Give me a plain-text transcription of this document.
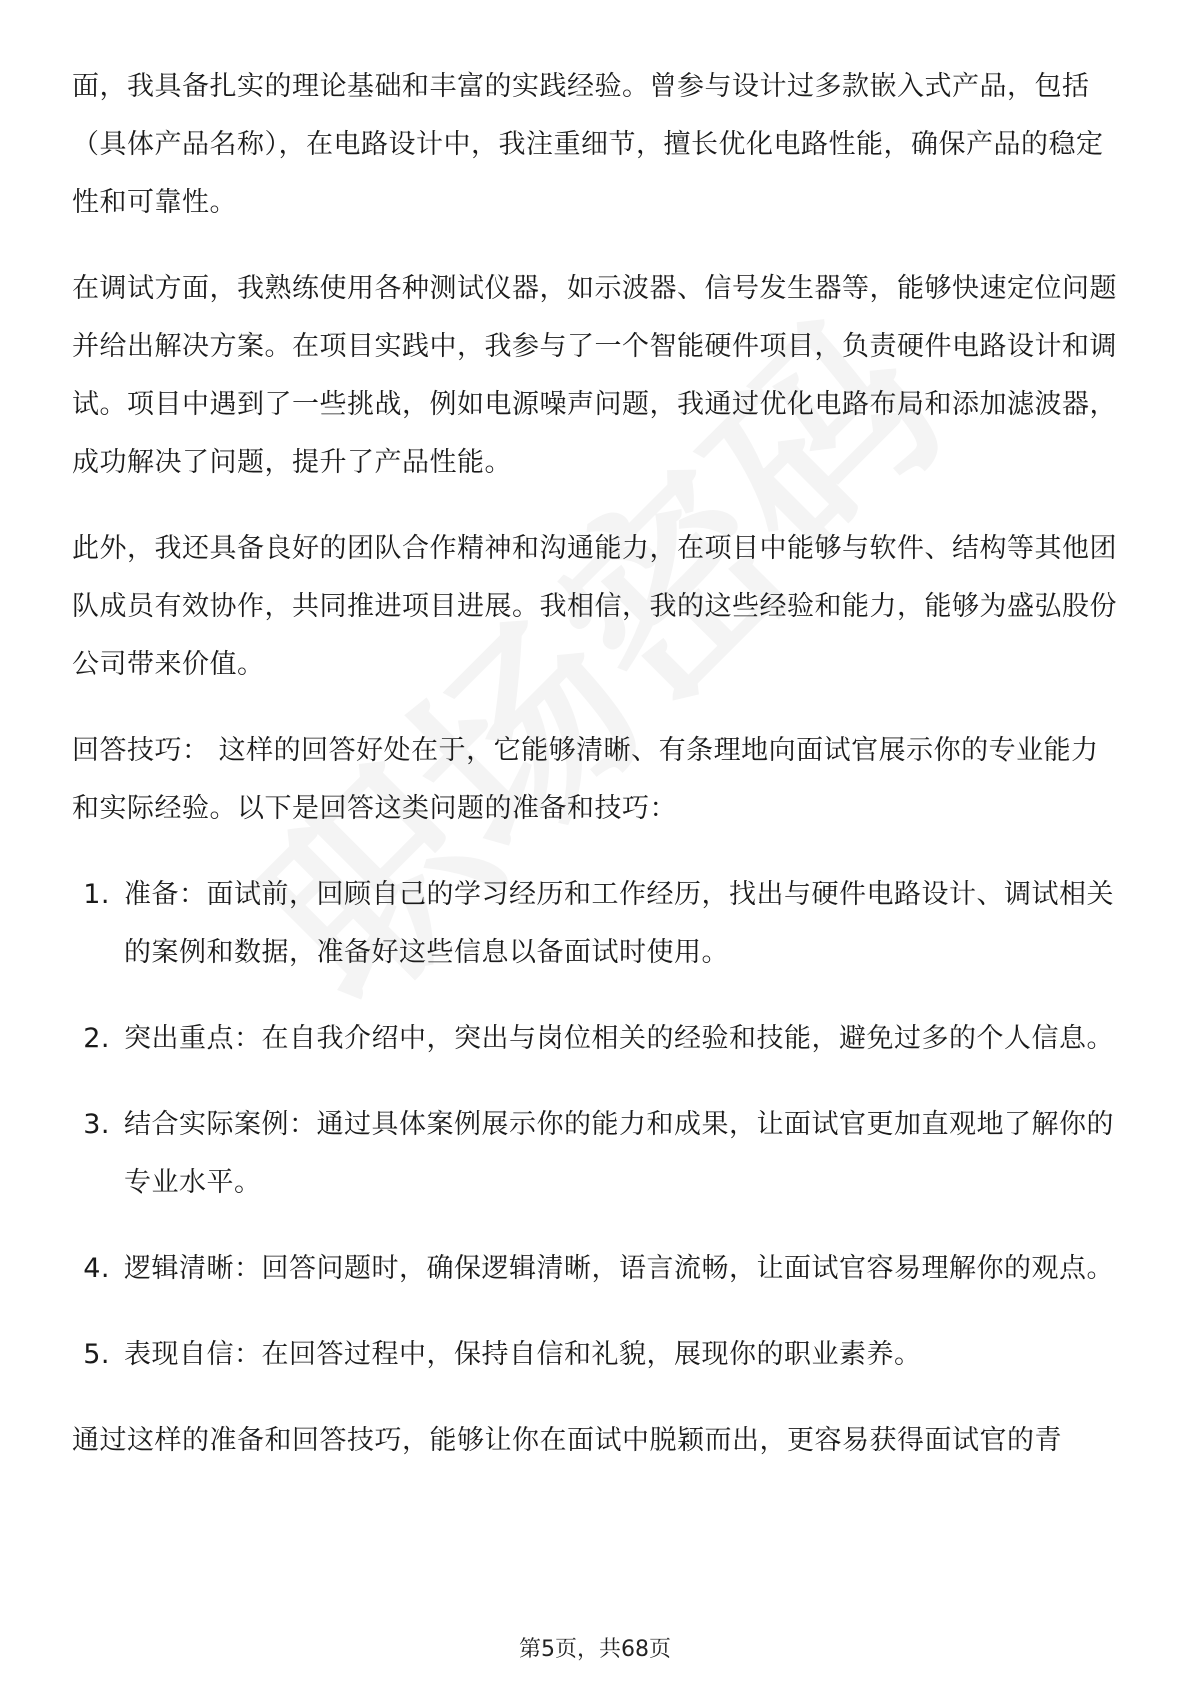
面，我具备扎实的理论基础和丰富的实践经验。曾参与设计过多款嵌入式产品，包括（具体产品名称），在电路设计中，我注重细节，擅长优化电路性能，确保产品的稳定性和可靠性。

在调试方面，我熟练使用各种测试仪器，如示波器、信号发生器等，能够快速定位问题并给出解决方案。在项目实践中，我参与了一个智能硬件项目，负责硬件电路设计和调试。项目中遇到了一些挑战，例如电源噪声问题，我通过优化电路布局和添加滤波器，成功解决了问题，提升了产品性能。

此外，我还具备良好的团队合作精神和沟通能力，在项目中能够与软件、结构等其他团队成员有效协作，共同推进项目进展。我相信，我的这些经验和能力，能够为盛弘股份公司带来价值。

回答技巧： 这样的回答好处在于，它能够清晰、有条理地向面试官展示你的专业能力和实际经验。以下是回答这类问题的准备和技巧：

1. 准备：面试前，回顾自己的学习经历和工作经历，找出与硬件电路设计、调试相关的案例和数据，准备好这些信息以备面试时使用。
2. 突出重点：在自我介绍中，突出与岗位相关的经验和技能，避免过多的个人信息。
3. 结合实际案例：通过具体案例展示你的能力和成果，让面试官更加直观地了解你的专业水平。
4. 逻辑清晰：回答问题时，确保逻辑清晰，语言流畅，让面试官容易理解你的观点。
5. 表现自信：在回答过程中，保持自信和礼貌，展现你的职业素养。

通过这样的准备和回答技巧，能够让你在面试中脱颖而出，更容易获得面试官的青

第5页，共68页
